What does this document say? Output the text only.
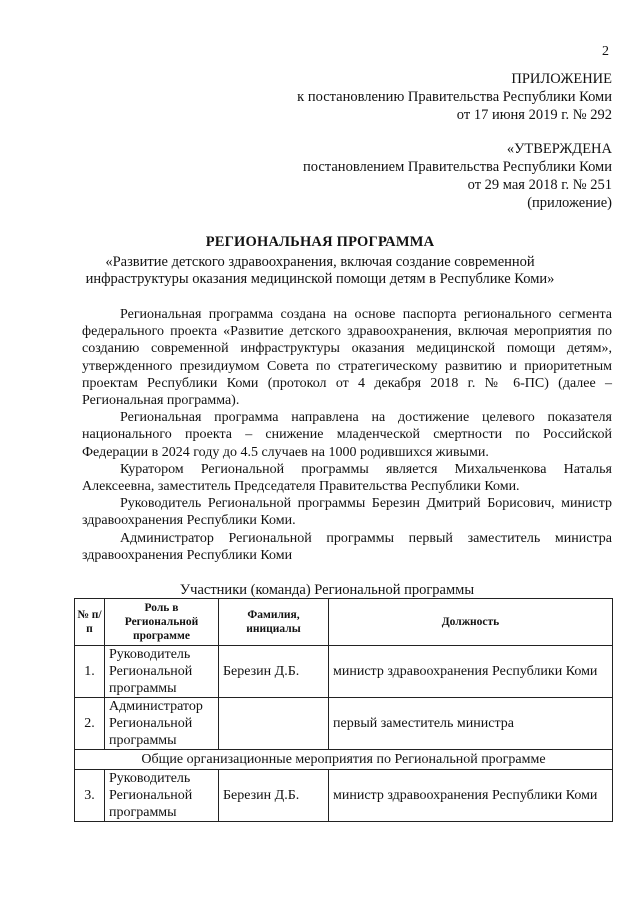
2
ПРИЛОЖЕНИЕ
к постановлению Правительства Республики Коми
от 17 июня 2019 г. № 292
«УТВЕРЖДЕНА
постановлением Правительства Республики Коми
от 29 мая 2018 г. № 251
(приложение)
РЕГИОНАЛЬНАЯ ПРОГРАММА
«Развитие детского здравоохранения, включая создание современной
инфраструктуры оказания медицинской помощи детям в Республике Коми»

Региональная программа создана на основе паспорта регионального сегмента федерального проекта «Развитие детского здравоохранения, включая мероприятия по созданию современной инфраструктуры оказания медицинской помощи детям», утвержденного президиумом Совета по стратегическому развитию и приоритетным проектам Республики Коми (протокол от 4 декабря 2018 г. № 6-ПС) (далее – Региональная программа).

Региональная программа направлена на достижение целевого показателя национального проекта – снижение младенческой смертности по Российской Федерации в 2024 году до 4.5 случаев на 1000 родившихся живыми.

Куратором Региональной программы является Михальченкова Наталья Алексеевна, заместитель Председателя Правительства Республики Коми.

Руководитель Региональной программы Березин Дмитрий Борисович, министр здравоохранения Республики Коми.

Администратор Региональной программы первый заместитель министра здравоохранения Республики Коми

Участники (команда) Региональной программы
№ п/п	Роль в Региональной программе	Фамилия, инициалы	Должность
1.	Руководитель Региональной программы	Березин Д.Б.	министр здравоохранения Республики Коми
2.	Администратор Региональной программы		первый заместитель министра
Общие организационные мероприятия по Региональной программе			
3.	Руководитель Региональной программы	Березин Д.Б.	министр здравоохранения Республики Коми
